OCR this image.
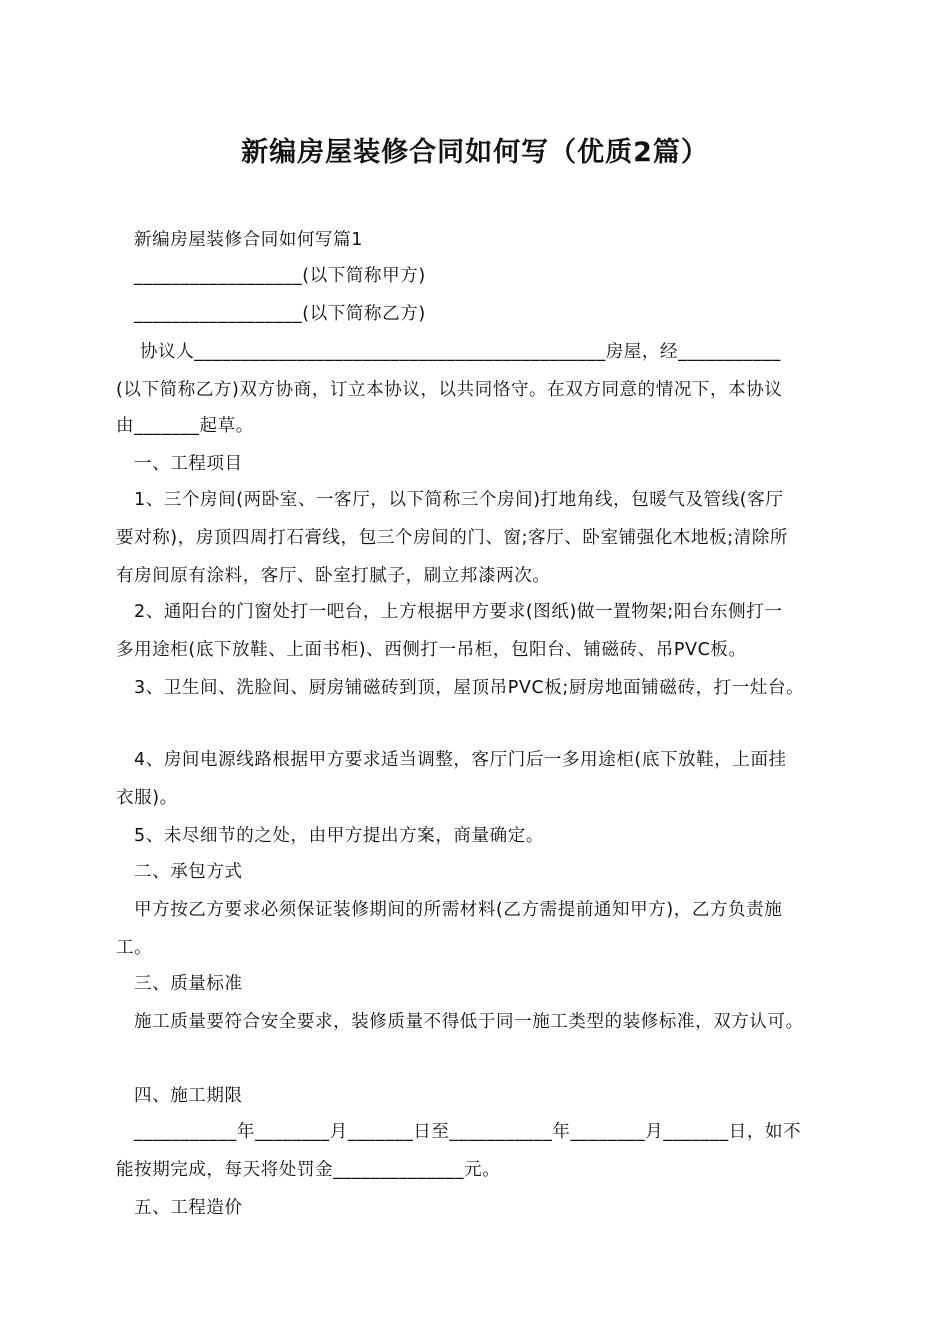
新编房屋装修合同如何写（优质2篇）
新编房屋装修合同如何写篇1
__________________(以下简称甲方)
__________________(以下简称乙方)
协议人____________________________________________房屋，经___________
(以下简称乙方)双方协商，订立本协议，以共同恪守。在双方同意的情况下，本协议
由_______起草。
一、工程项目
1、三个房间(两卧室、一客厅，以下简称三个房间)打地角线，包暖气及管线(客厅
要对称)，房顶四周打石膏线，包三个房间的门、窗;客厅、卧室铺强化木地板;清除所
有房间原有涂料，客厅、卧室打腻子，刷立邦漆两次。
2、通阳台的门窗处打一吧台，上方根据甲方要求(图纸)做一置物架;阳台东侧打一
多用途柜(底下放鞋、上面书柜)、西侧打一吊柜，包阳台、铺磁砖、吊PVC板。
3、卫生间、洗脸间、厨房铺磁砖到顶，屋顶吊PVC板;厨房地面铺磁砖，打一灶台。
4、房间电源线路根据甲方要求适当调整，客厅门后一多用途柜(底下放鞋，上面挂
衣服)。
5、未尽细节的之处，由甲方提出方案，商量确定。
二、承包方式
甲方按乙方要求必须保证装修期间的所需材料(乙方需提前通知甲方)，乙方负责施
工。
三、质量标准
施工质量要符合安全要求，装修质量不得低于同一施工类型的装修标准，双方认可。
四、施工期限
___________年________月_______日至___________年________月_______日，如不
能按期完成，每天将处罚金______________元。
五、工程造价
